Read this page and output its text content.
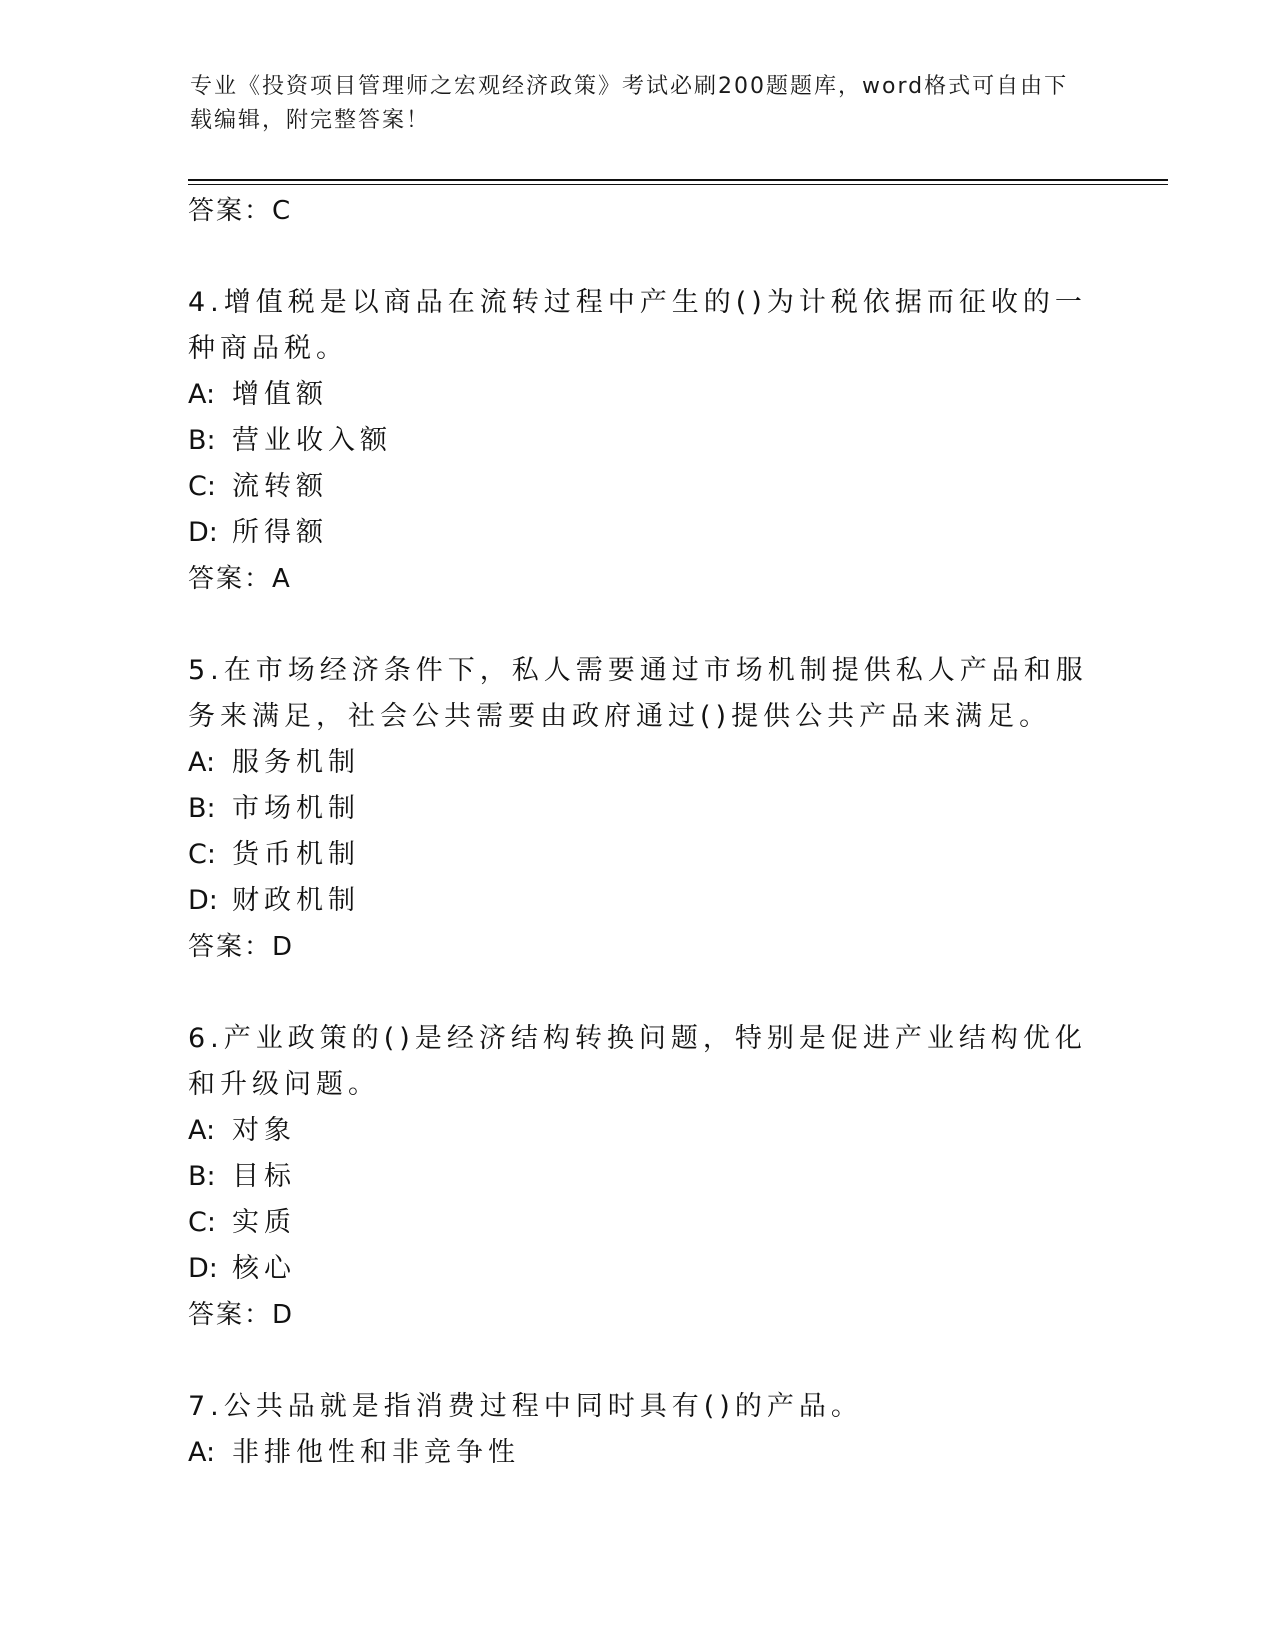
专业《投资项目管理师之宏观经济政策》考试必刷200题题库，word格式可自由下载编辑，附完整答案！
答案：C
4.增值税是以商品在流转过程中产生的()为计税依据而征收的一种商品税。
A: 增值额
B: 营业收入额
C: 流转额
D: 所得额
答案：A
5.在市场经济条件下，私人需要通过市场机制提供私人产品和服务来满足，社会公共需要由政府通过()提供公共产品来满足。
A: 服务机制
B: 市场机制
C: 货币机制
D: 财政机制
答案：D
6.产业政策的()是经济结构转换问题，特别是促进产业结构优化和升级问题。
A: 对象
B: 目标
C: 实质
D: 核心
答案：D
7.公共品就是指消费过程中同时具有()的产品。
A: 非排他性和非竞争性
